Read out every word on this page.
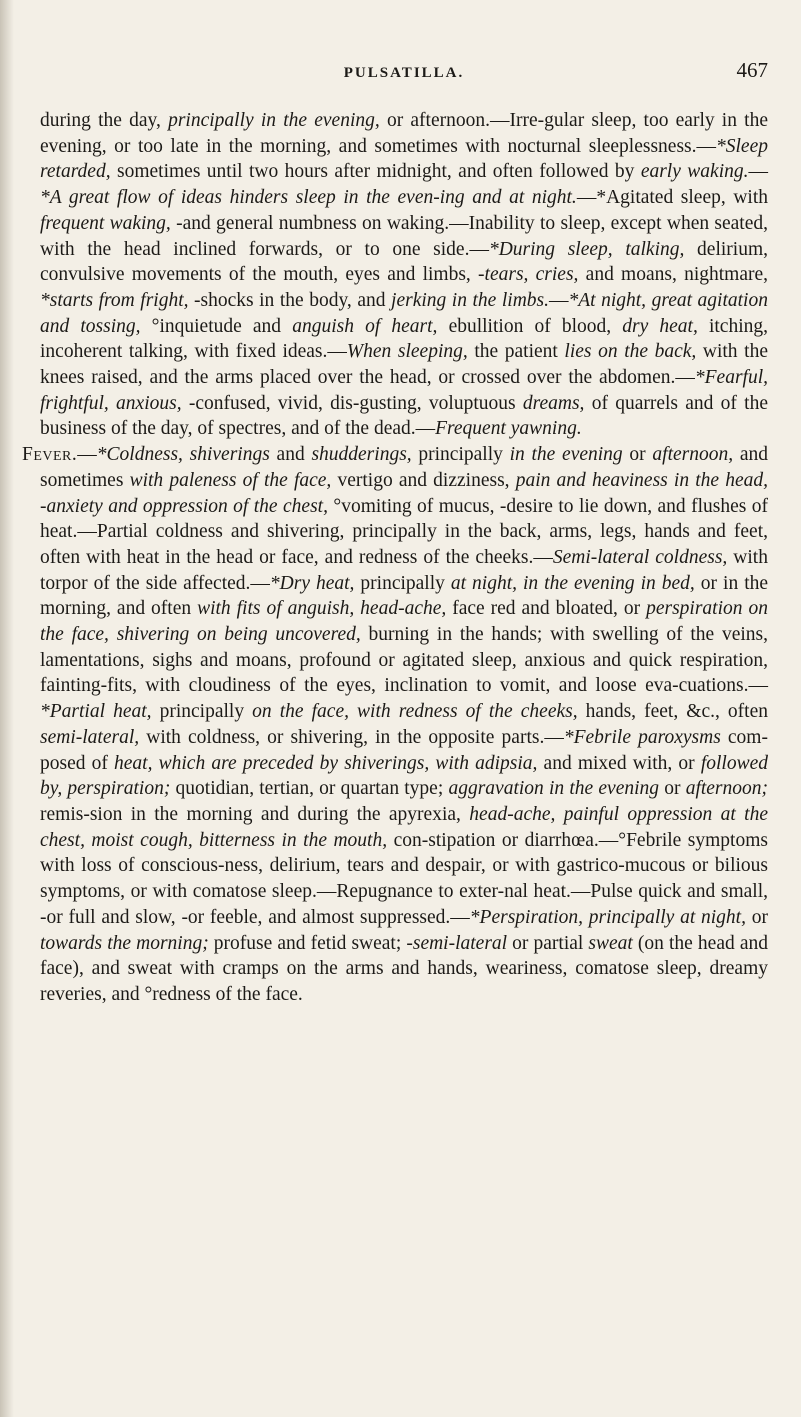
PULSATILLA.	467

during the day, principally in the evening, or afternoon.—Irre-gular sleep, too early in the evening, or too late in the morning, and sometimes with nocturnal sleeplessness.—*Sleep retarded, sometimes until two hours after midnight, and often followed by early waking.—*A great flow of ideas hinders sleep in the even-ing and at night.—*Agitated sleep, with frequent waking, ‑and general numbness on waking.—Inability to sleep, except when seated, with the head inclined forwards, or to one side.—*During sleep, talking, delirium, convulsive movements of the mouth, eyes and limbs, ‑tears, cries, and moans, nightmare, *starts from fright, ‑shocks in the body, and jerking in the limbs.—*At night, great agitation and tossing, °inquietude and anguish of heart, ebullition of blood, dry heat, itching, incoherent talking, with fixed ideas.—When sleeping, the patient lies on the back, with the knees raised, and the arms placed over the head, or crossed over the abdomen.—*Fearful, frightful, anxious, ‑confused, vivid, dis-gusting, voluptuous dreams, of quarrels and of the business of the day, of spectres, and of the dead.—Frequent yawning.

Fever.—*Coldness, shiverings and shudderings, principally in the evening or afternoon, and sometimes with paleness of the face, vertigo and dizziness, pain and heaviness in the head, ‑anxiety and oppression of the chest, °vomiting of mucus, ‑desire to lie down, and flushes of heat.—Partial coldness and shivering, principally in the back, arms, legs, hands and feet, often with heat in the head or face, and redness of the cheeks.—Semi-lateral coldness, with torpor of the side affected.—*Dry heat, principally at night, in the evening in bed, or in the morning, and often with fits of anguish, head-ache, face red and bloated, or perspiration on the face, shivering on being uncovered, burning in the hands; with swelling of the veins, lamentations, sighs and moans, profound or agitated sleep, anxious and quick respiration, fainting-fits, with cloudiness of the eyes, inclination to vomit, and loose eva-cuations.—*Partial heat, principally on the face, with redness of the cheeks, hands, feet, &c., often semi-lateral, with coldness, or shivering, in the opposite parts.—*Febrile paroxysms com-posed of heat, which are preceded by shiverings, with adipsia, and mixed with, or followed by, perspiration; quotidian, tertian, or quartan type; aggravation in the evening or afternoon; remis-sion in the morning and during the apyrexia, head-ache, painful oppression at the chest, moist cough, bitterness in the mouth, con-stipation or diarrhœa.—°Febrile symptoms with loss of conscious-ness, delirium, tears and despair, or with gastrico-mucous or bilious symptoms, or with comatose sleep.—Repugnance to exter-nal heat.—Pulse quick and small, ‑or full and slow, ‑or feeble, and almost suppressed.—*Perspiration, principally at night, or towards the morning; profuse and fetid sweat; ‑semi-lateral or partial sweat (on the head and face), and sweat with cramps on the arms and hands, weariness, comatose sleep, dreamy reveries, and °redness of the face.
